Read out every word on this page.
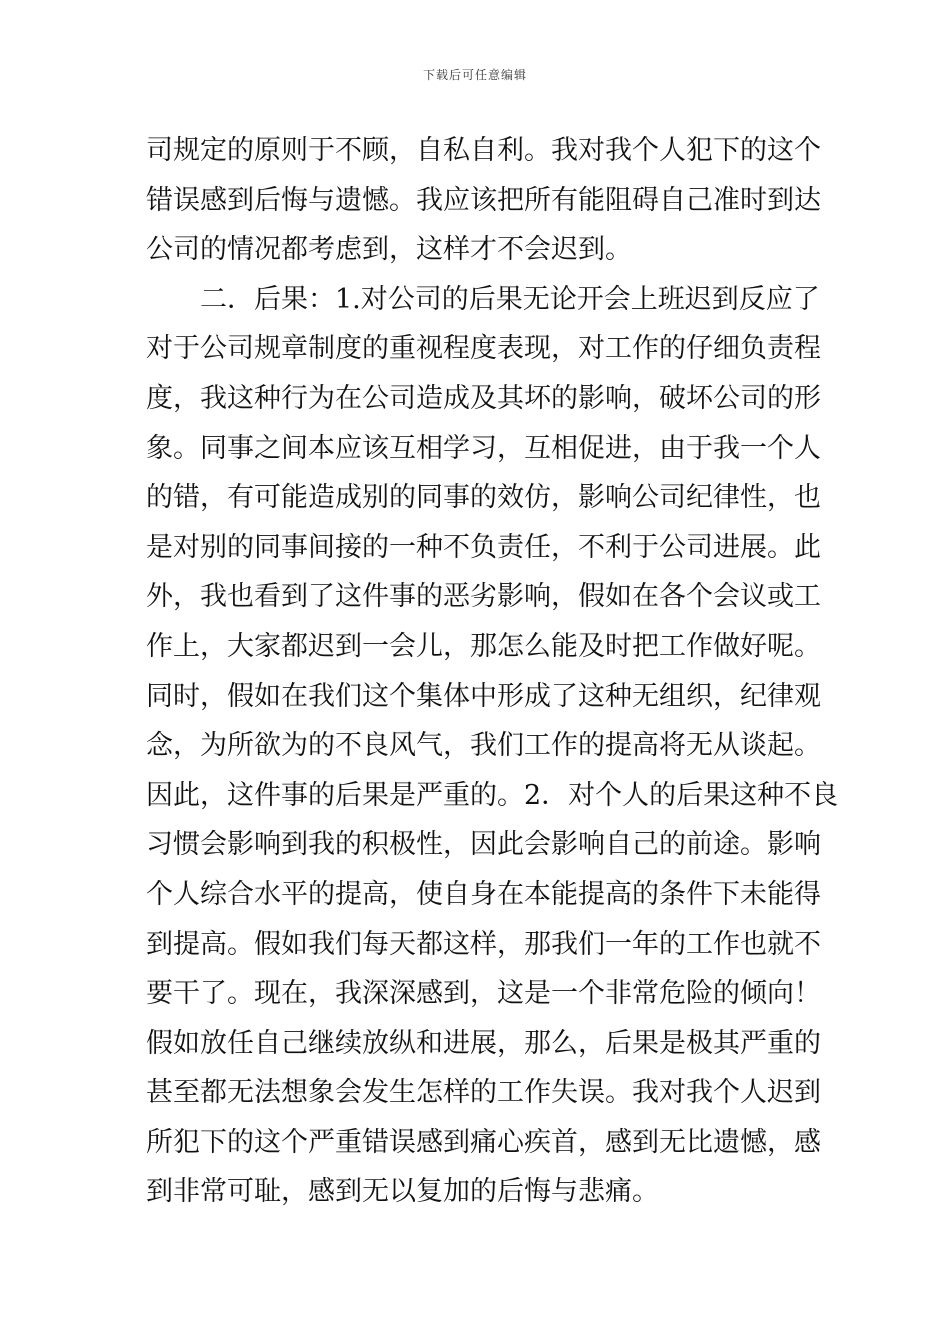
下载后可任意编辑
司规定的原则于不顾，自私自利。我对我个人犯下的这个
错误感到后悔与遗憾。我应该把所有能阻碍自己准时到达
公司的情况都考虑到，这样才不会迟到。
二．后果：1.对公司的后果无论开会上班迟到反应了
对于公司规章制度的重视程度表现，对工作的仔细负责程
度，我这种行为在公司造成及其坏的影响，破坏公司的形
象。同事之间本应该互相学习，互相促进，由于我一个人
的错，有可能造成别的同事的效仿，影响公司纪律性，也
是对别的同事间接的一种不负责任，不利于公司进展。此
外，我也看到了这件事的恶劣影响，假如在各个会议或工
作上，大家都迟到一会儿，那怎么能及时把工作做好呢。
同时，假如在我们这个集体中形成了这种无组织，纪律观
念，为所欲为的不良风气，我们工作的提高将无从谈起。
因此，这件事的后果是严重的。2．对个人的后果这种不良
习惯会影响到我的积极性，因此会影响自己的前途。影响
个人综合水平的提高，使自身在本能提高的条件下未能得
到提高。假如我们每天都这样，那我们一年的工作也就不
要干了。现在，我深深感到，这是一个非常危险的倾向！
假如放任自己继续放纵和进展，那么，后果是极其严重的
甚至都无法想象会发生怎样的工作失误。我对我个人迟到
所犯下的这个严重错误感到痛心疾首，感到无比遗憾，感
到非常可耻，感到无以复加的后悔与悲痛。
